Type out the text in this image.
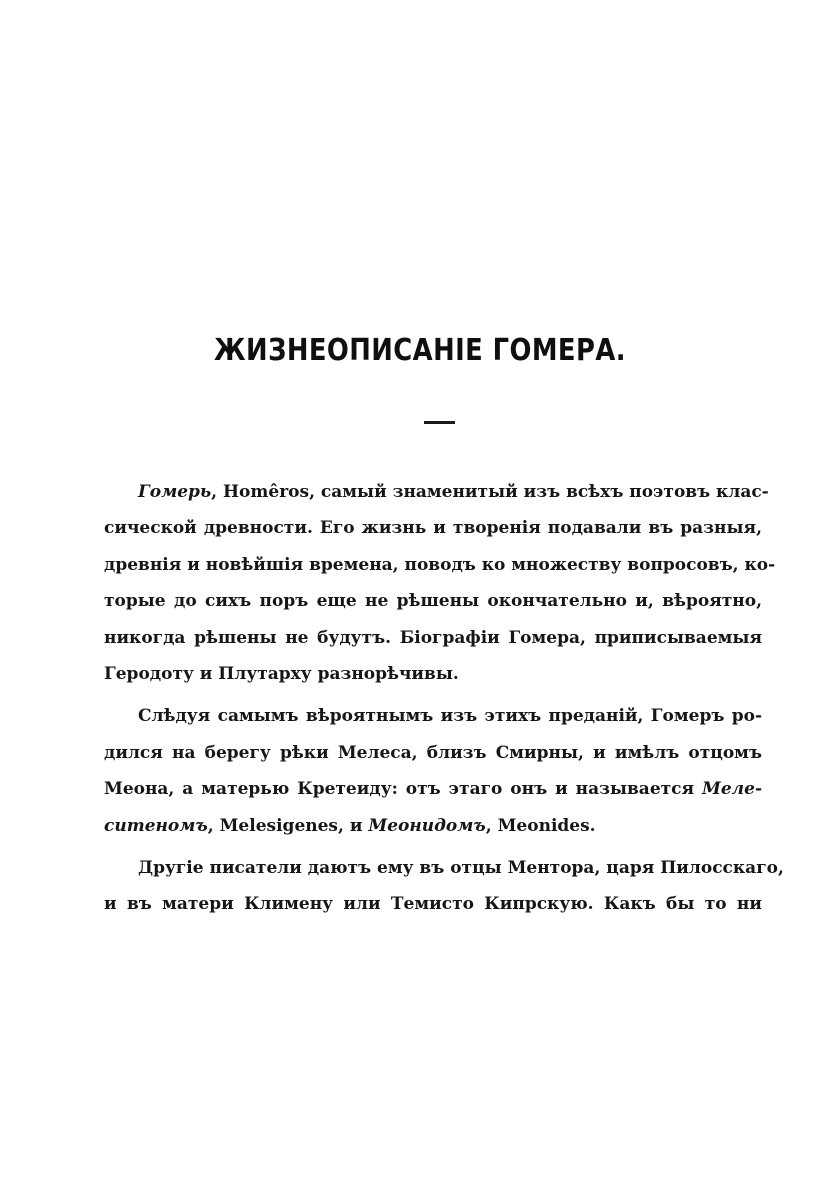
ЖИЗНЕОПИСАНІЕ ГОМЕРА.
Гомерь, Homêros, самый знаменитый изъ всѣхъ поэтовъ клас-
сической древности. Его жизнь и творенія подавали въ разныя,
древнія и новѣйшія времена, поводъ ко множеству вопросовъ, ко-
торые до сихъ поръ еще не рѣшены окончательно и, вѣроятно,
никогда рѣшены не будутъ. Біографіи Гомера, приписываемыя
Геродоту и Плутарху разнорѣчивы.
Слѣдуя самымъ вѣроятнымъ изъ этихъ преданій, Гомеръ ро-
дился на берегу рѣки Мелеса, близъ Смирны, и имѣлъ отцомъ
Меона, а матерью Кретеиду: отъ этаго онъ и называется Меле-
ситеномъ, Melesigenes, и Меонидомъ, Meonides.
Другіе писатели даютъ ему въ отцы Ментора, царя Пилосскаго,
и въ матери Климену или Темисто Кипрскую. Какъ бы то ни
